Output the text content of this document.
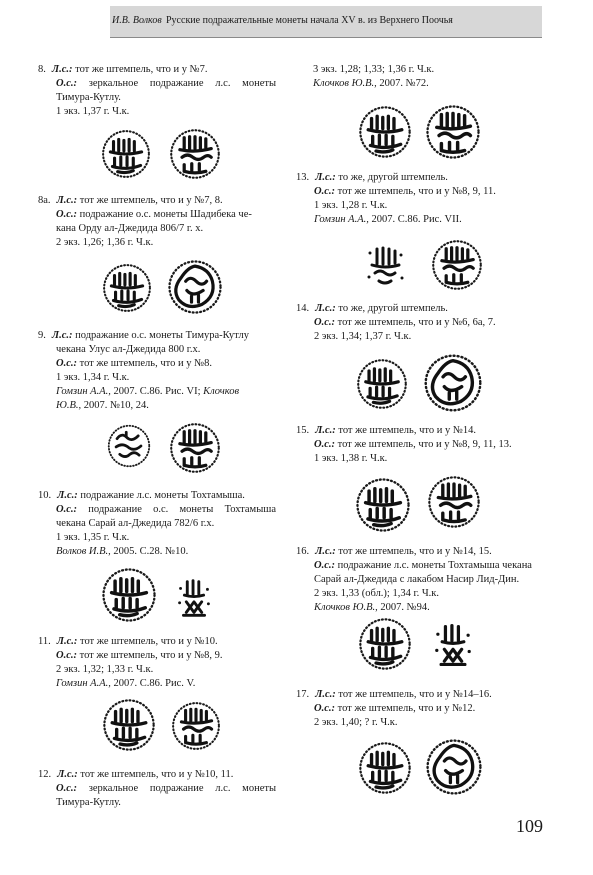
И.В. Волков Русские подражательные монеты начала XV в. из Верхнего Поочья
8. Л.с.: тот же штемпель, что и у №7.
О.с.: зеркальное подражание л.с. монеты
Тимура-Кутлу.
1 экз. 1,37 г. Ч.к.
8а. Л.с.: тот же штемпель, что и у №7, 8.
О.с.: подражание о.с. монеты Шадибека че-
кана Орду ал-Джедида 806/7 г. х.
2 экз. 1,26; 1,36 г. Ч.к.
9. Л.с.: подражание о.с. монеты Тимура-Кутлу
чекана Улус ал-Джедида 800 г.х.
О.с.: тот же штемпель, что и у №8.
1 экз. 1,34 г. Ч.к.
Гомзин А.А., 2007. С.86. Рис. VI; Клочков
Ю.В., 2007. №10, 24.
10. Л.с.: подражание л.с. монеты Тохтамыша.
О.с.: подражание о.с. монеты Тохтамыша
чекана Сарай ал-Джедида 782/6 г.х.
1 экз. 1,35 г. Ч.к.
Волков И.В., 2005. С.28. №10.
11. Л.с.: тот же штемпель, что и у №10.
О.с.: тот же штемпель, что и у №8, 9.
2 экз. 1,32; 1,33 г. Ч.к.
Гомзин А.А., 2007. С.86. Рис. V.
12. Л.с.: тот же штемпель, что и у №10, 11.
О.с.: зеркальное подражание л.с. монеты
Тимура-Кутлу.
3 экз. 1,28; 1,33; 1,36 г. Ч.к.
Клочков Ю.В., 2007. №72.
13. Л.с.: то же, другой штемпель.
О.с.: тот же штемпель, что и у №8, 9, 11.
1 экз. 1,28 г. Ч.к.
Гомзин А.А., 2007. С.86. Рис. VII.
14. Л.с.: то же, другой штемпель.
О.с.: тот же штемпель, что и у №6, 6а, 7.
2 экз. 1,34; 1,37 г. Ч.к.
15. Л.с.: тот же штемпель, что и у №14.
О.с.: тот же штемпель, что и у №8, 9, 11, 13.
1 экз. 1,38 г. Ч.к.
16. Л.с.: тот же штемпель, что и у №14, 15.
О.с.: подражание л.с. монеты Тохтамыша чекана
Сарай ал-Джедида с лакабом Насир Лид-Дин.
2 экз. 1,33 (обл.); 1,34 г. Ч.к.
Клочков Ю.В., 2007. №94.
17. Л.с.: тот же штемпель, что и у №14–16.
О.с.: тот же штемпель, что и у №12.
2 экз. 1,40; ? г. Ч.к.
109
